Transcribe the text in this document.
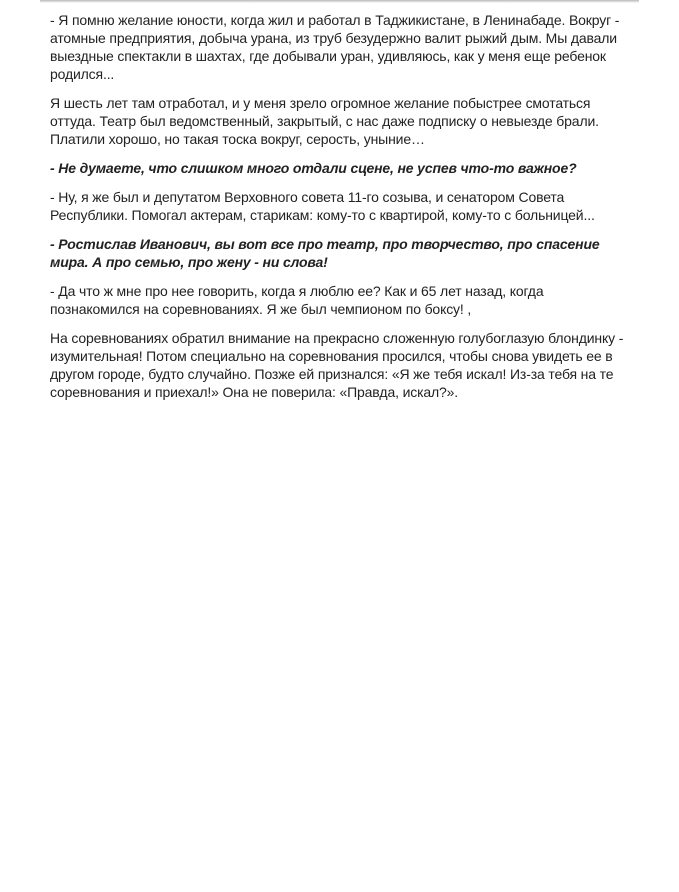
- Я помню желание юности, когда жил и работал в Таджикистане, в Ленинабаде. Вокруг - атомные предприятия, добыча урана, из труб безудержно валит рыжий дым. Мы давали выездные спектакли в шахтах, где добывали уран, удивляюсь, как у меня еще ребенок родился...

Я шесть лет там отработал, и у меня зрело огромное желание побыстрее смотаться оттуда. Театр был ведомственный, закрытый, с нас даже подписку о невыезде брали. Платили хорошо, но такая тоска вокруг, серость, уныние…

- Не думаете, что слишком много отдали сцене, не успев что-то важное?

- Ну, я же был и депутатом Верховного совета 11-го созыва, и сенатором Совета Республики. Помогал актерам, старикам: кому-то с квартирой, кому-то с больницей...

- Ростислав Иванович, вы вот все про театр, про творчество, про спасение мира. А про семью, про жену - ни слова!

- Да что ж мне про нее говорить, когда я люблю ее? Как и 65 лет назад, когда познакомился на соревнованиях. Я же был чемпионом по боксу! ,

На соревнованиях обратил внимание на прекрасно сложенную голубоглазую блондинку - изумительная! Потом специально на соревнования просился, чтобы снова увидеть ее в другом городе, будто случайно. Позже ей признался: «Я же тебя искал! Из-за тебя на те соревнования и приехал!» Она не поверила: «Правда, искал?».
